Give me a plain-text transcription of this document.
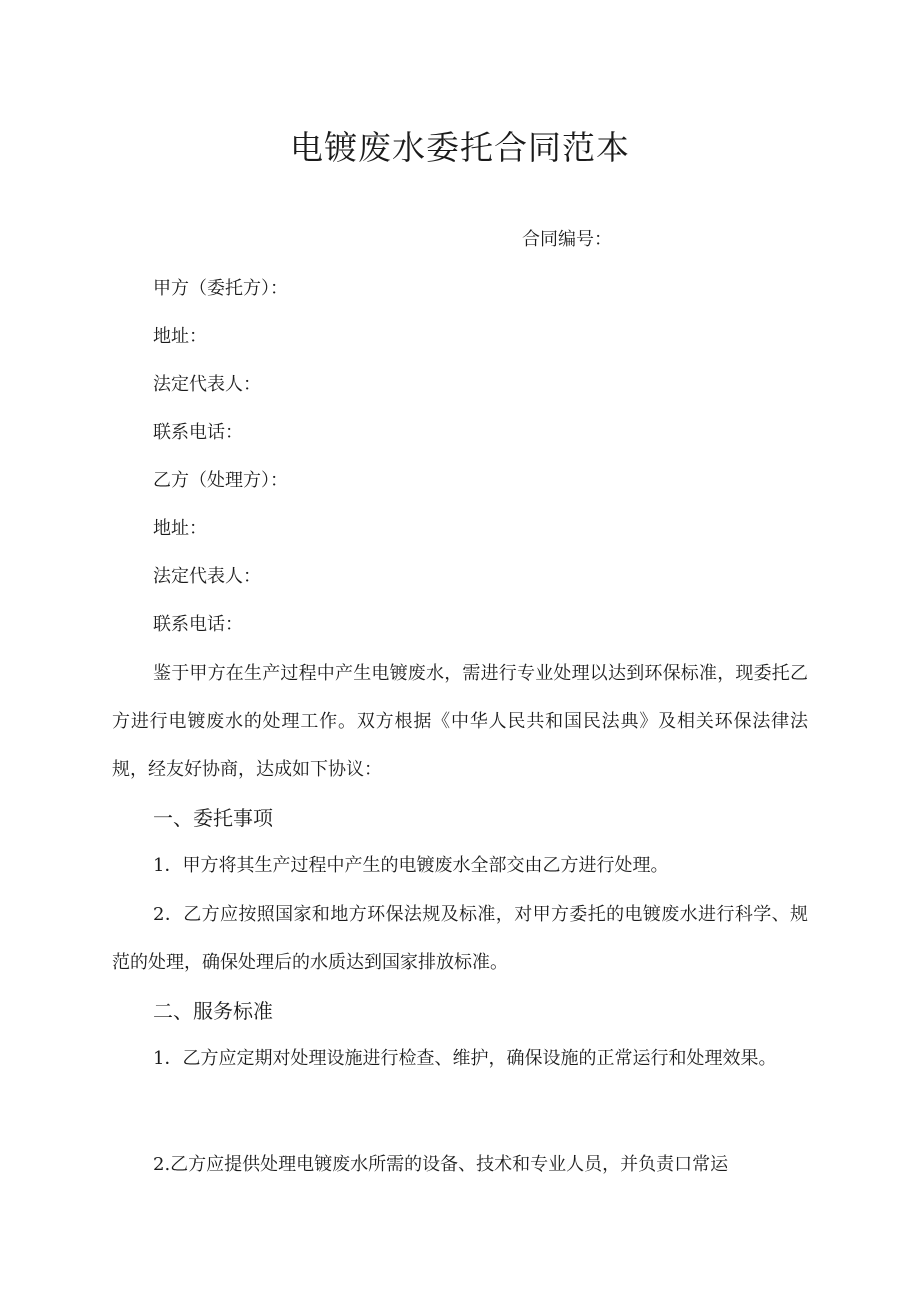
电镀废水委托合同范本
合同编号：
甲方（委托方）：
地址：
法定代表人：
联系电话：
乙方（处理方）：
地址：
法定代表人：
联系电话：

鉴于甲方在生产过程中产生电镀废水，需进行专业处理以达到环保标准，现委托乙方进行电镀废水的处理工作。双方根据《中华人民共和国民法典》及相关环保法律法规，经友好协商，达成如下协议：

一、委托事项

1．甲方将其生产过程中产生的电镀废水全部交由乙方进行处理。

2．乙方应按照国家和地方环保法规及标准，对甲方委托的电镀废水进行科学、规范的处理，确保处理后的水质达到国家排放标准。

二、服务标准

1．乙方应定期对处理设施进行检查、维护，确保设施的正常运行和处理效果。

2.乙方应提供处理电镀废水所需的设备、技术和专业人员，并负责口常运
